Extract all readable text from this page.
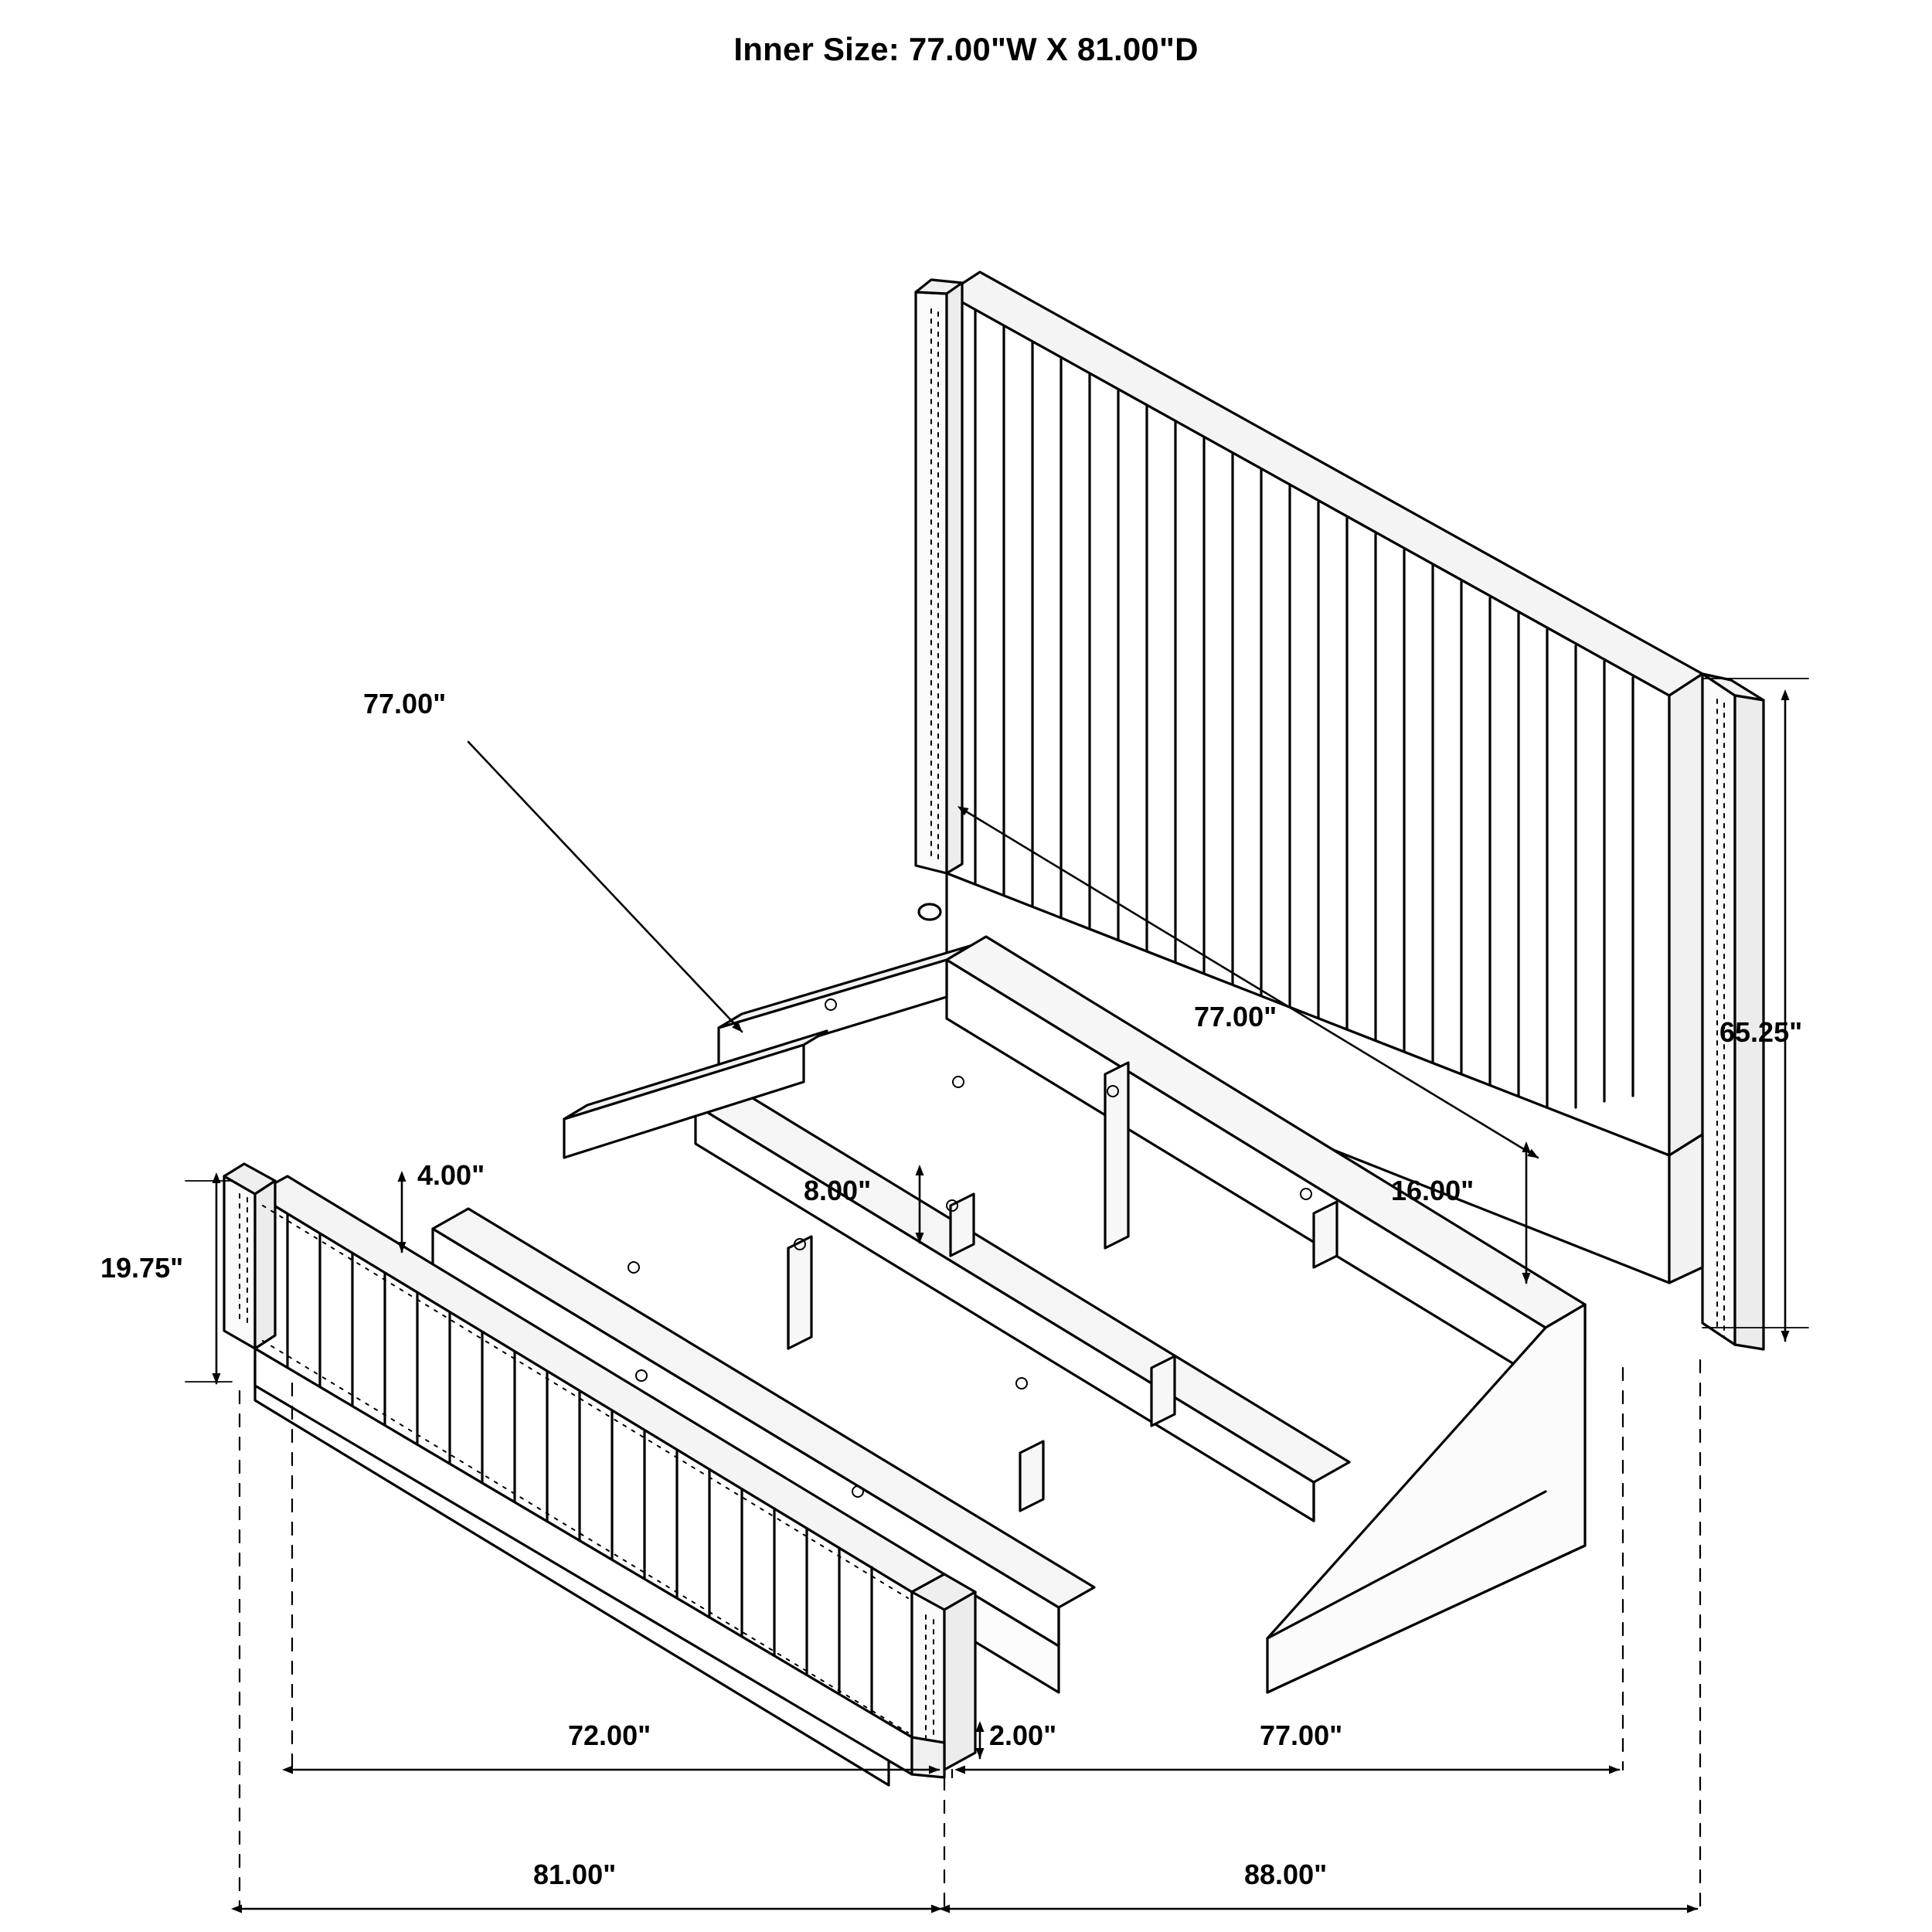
Inner Size: 77.00"W X 81.00"D
77.00"
77.00"	65.25"
19.75"
4.00"	8.00"	16.00"
2.00"
72.00"	77.00"
81.00"	88.00"
